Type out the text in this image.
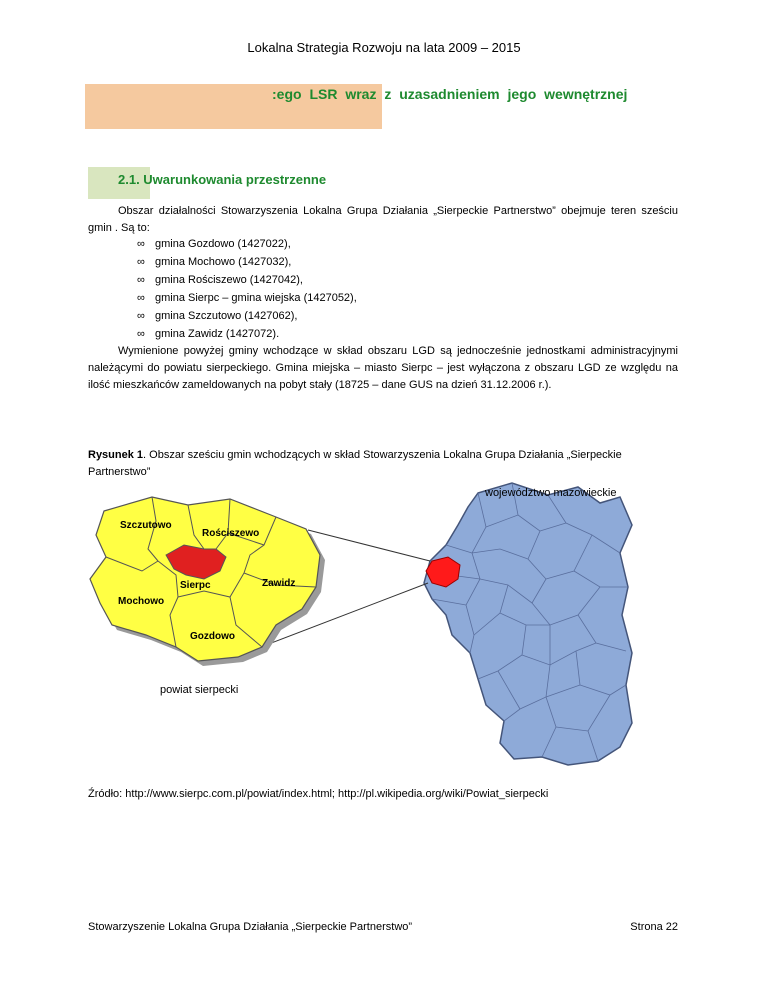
Lokalna Strategia Rozwoju na lata 2009 – 2015
:ego LSR wraz z uzasadnieniem jego wewnętrznej
2.1. Uwarunkowania przestrzenne
Obszar działalności Stowarzyszenia Lokalna Grupa Działania „Sierpeckie Partnerstwo” obejmuje teren sześciu gmin . Są to:
∞ gmina Gozdowo (1427022),
∞ gmina Mochowo (1427032),
∞ gmina Rościszewo (1427042),
∞ gmina Sierpc – gmina wiejska (1427052),
∞ gmina Szczutowo (1427062),
∞ gmina Zawidz (1427072).
Wymienione powyżej gminy wchodzące w skład obszaru LGD są jednocześnie jednostkami administracyjnymi należącymi do powiatu sierpeckiego. Gmina miejska – miasto Sierpc – jest wyłączona z obszaru LGD ze względu na ilość mieszkańców zameldowanych na pobyt stały (18725 – dane GUS na dzień 31.12.2006 r.).
Rysunek 1. Obszar sześciu gmin wchodzących w skład Stowarzyszenia Lokalna Grupa Działania „Sierpeckie Partnerstwo”
Szczutowo
Rościszewo
Sierpc	Zawidz
Mochowo
Gozdowo
województwo mazowieckie
powiat sierpecki
Źródło: http://www.sierpc.com.pl/powiat/index.html; http://pl.wikipedia.org/wiki/Powiat_sierpecki
Stowarzyszenie Lokalna Grupa Działania „Sierpeckie Partnerstwo”	Strona 22
